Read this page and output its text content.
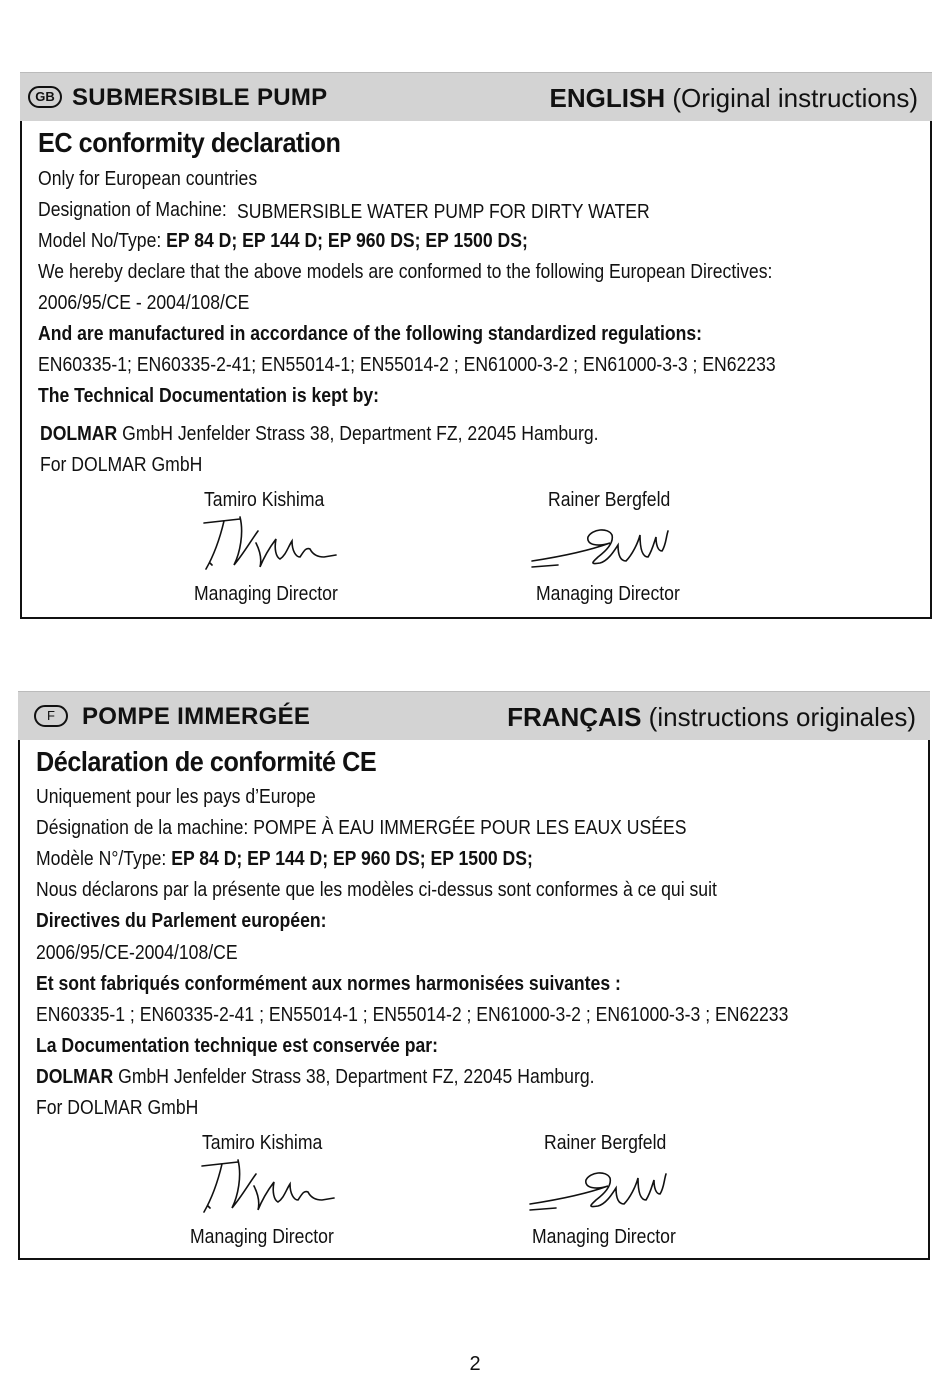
GB SUBMERSIBLE PUMP	ENGLISH (Original instructions)
EC conformity declaration
Only for European countries
Designation of Machine: SUBMERSIBLE WATER PUMP FOR DIRTY WATER
Model No/Type: EP 84 D; EP 144 D; EP 960 DS; EP 1500 DS;
We hereby declare that the above models are conformed to the following European Directives:
2006/95/CE - 2004/108/CE
And are manufactured in accordance of the following standardized regulations:
EN60335-1; EN60335-2-41; EN55014-1; EN55014-2 ; EN61000-3-2 ; EN61000-3-3 ; EN62233
The Technical Documentation is kept by:
DOLMAR GmbH Jenfelder Strass 38, Department FZ, 22045 Hamburg.
For DOLMAR GmbH
Tamiro Kishima
Managing Director
Rainer Bergfeld
Managing Director
F	POMPE IMMERGÉE	FRANÇAIS (instructions originales)
Déclaration de conformité CE
Uniquement pour les pays d’Europe
Désignation de la machine: POMPE À EAU IMMERGÉE POUR LES EAUX USÉES
Modèle N°/Type: EP 84 D; EP 144 D; EP 960 DS; EP 1500 DS;
Nous déclarons par la présente que les modèles ci-dessus sont conformes à ce qui suit
Directives du Parlement européen:
2006/95/CE-2004/108/CE
Et sont fabriqués conformément aux normes harmonisées suivantes :
EN60335-1 ; EN60335-2-41 ; EN55014-1 ; EN55014-2 ; EN61000-3-2 ; EN61000-3-3 ; EN62233
La Documentation technique est conservée par:
DOLMAR GmbH Jenfelder Strass 38, Department FZ, 22045 Hamburg.
For DOLMAR GmbH
Tamiro Kishima
Managing Director
Rainer Bergfeld
Managing Director
2
